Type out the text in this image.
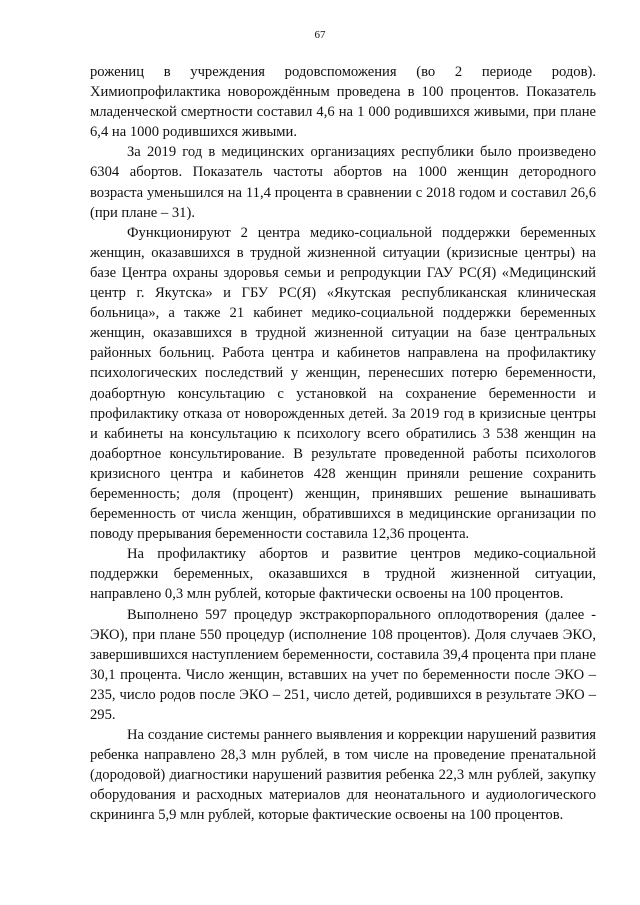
67

рожениц в учреждения родовспоможения (во 2 периоде родов). Химиопрофилактика новорождённым проведена в 100 процентов. Показатель младенческой смертности составил 4,6 на 1 000 родившихся живыми, при плане 6,4 на 1000 родившихся живыми.

За 2019 год в медицинских организациях республики было произведено 6304 абортов. Показатель частоты абортов на 1000 женщин детородного возраста уменьшился на 11,4 процента в сравнении с 2018 годом и составил 26,6 (при плане – 31).

Функционируют 2 центра медико-социальной поддержки беременных женщин, оказавшихся в трудной жизненной ситуации (кризисные центры) на базе Центра охраны здоровья семьи и репродукции ГАУ РС(Я) «Медицинский центр г. Якутска» и ГБУ РС(Я) «Якутская республиканская клиническая больница», а также 21 кабинет медико-социальной поддержки беременных женщин, оказавшихся в трудной жизненной ситуации на базе центральных районных больниц. Работа центра и кабинетов направлена на профилактику психологических последствий у женщин, перенесших потерю беременности, доабортную консультацию с установкой на сохранение беременности и профилактику отказа от новорожденных детей. За 2019 год в кризисные центры и кабинеты на консультацию к психологу всего обратились 3 538 женщин на доабортное консультирование. В результате проведенной работы психологов кризисного центра и кабинетов 428 женщин приняли решение сохранить беременность; доля (процент) женщин, принявших решение вынашивать беременность от числа женщин, обратившихся в медицинские организации по поводу прерывания беременности составила 12,36 процента.

На профилактику абортов и развитие центров медико-социальной поддержки беременных, оказавшихся в трудной жизненной ситуации, направлено 0,3 млн рублей, которые фактически освоены на 100 процентов.

Выполнено 597 процедур экстракорпорального оплодотворения (далее - ЭКО), при плане 550 процедур (исполнение 108 процентов). Доля случаев ЭКО, завершившихся наступлением беременности, составила 39,4 процента при плане 30,1 процента. Число женщин, вставших на учет по беременности после ЭКО – 235, число родов после ЭКО – 251, число детей, родившихся в результате ЭКО – 295.

На создание системы раннего выявления и коррекции нарушений развития ребенка направлено 28,3 млн рублей, в том числе на проведение пренатальной (дородовой) диагностики нарушений развития ребенка 22,3 млн рублей, закупку оборудования и расходных материалов для неонатального и аудиологического скрининга 5,9 млн рублей, которые фактические освоены на 100 процентов.
